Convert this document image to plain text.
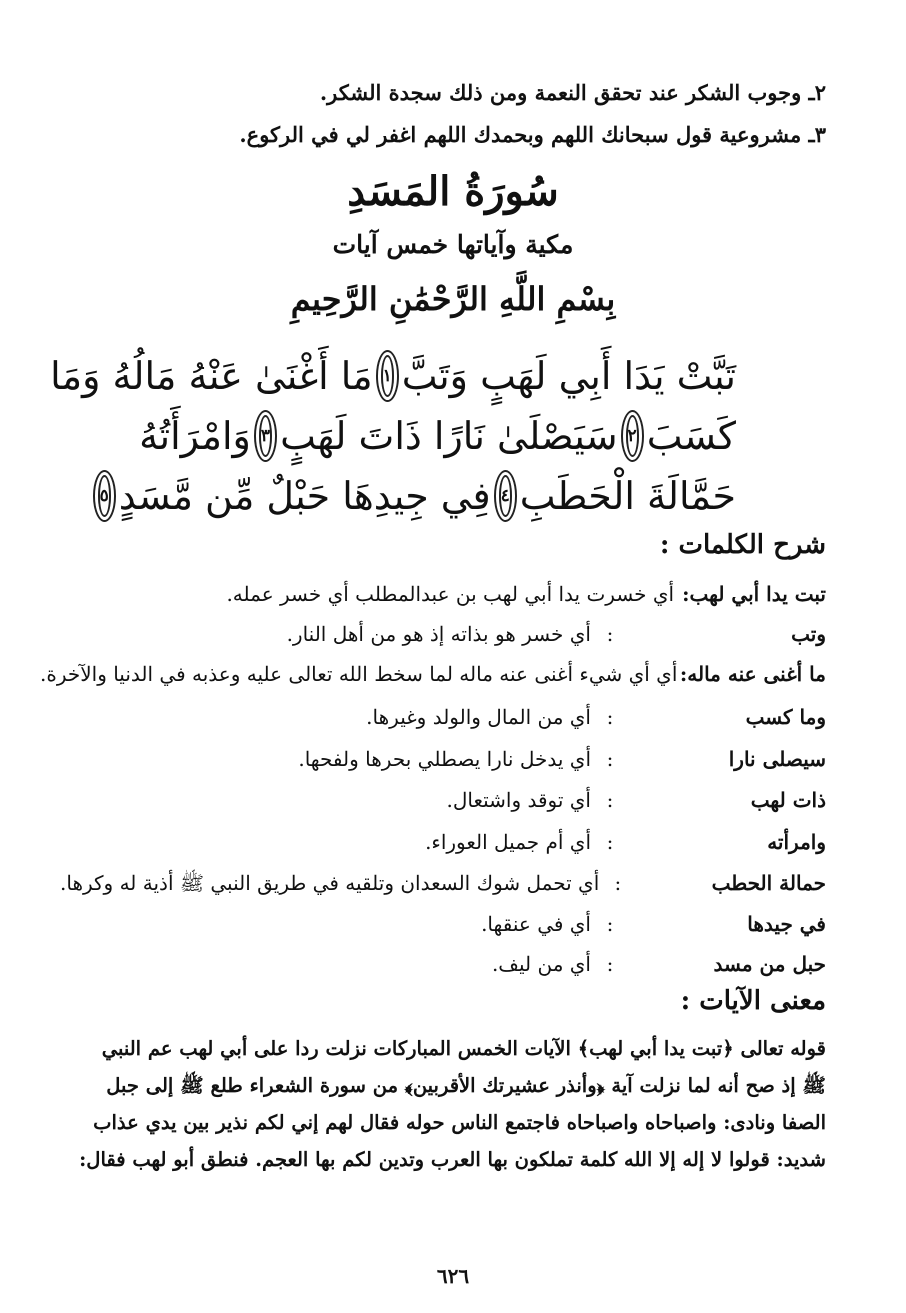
٢ـ وجوب الشكر عند تحقق النعمة ومن ذلك سجدة الشكر.
٣ـ مشروعية قول سبحانك اللهم وبحمدك اللهم اغفر لي في الركوع.
سُورَةُ المَسَدِ
مكية وآياتها خمس آيات
بِسْمِ اللَّهِ الرَّحْمَٰنِ الرَّحِيمِ
تَبَّتْ يَدَا أَبِي لَهَبٍ وَتَبَّ
١
مَا أَغْنَىٰ عَنْهُ مَالُهُ وَمَا
كَسَبَ
٢
سَيَصْلَىٰ نَارًا ذَاتَ لَهَبٍ
٣
وَامْرَأَتُهُ
حَمَّالَةَ الْحَطَبِ
٤
فِي جِيدِهَا حَبْلٌ مِّن مَّسَدٍ
٥
شرح الكلمات :
تبت يدا أبي لهب:
أي خسرت يدا أبي لهب بن عبدالمطلب أي خسر عمله.
وتب
:
أي خسر هو بذاته إذ هو من أهل النار.
ما أغنى عنه ماله:
أي أي شيء أغنى عنه ماله لما سخط الله تعالى عليه وعذبه في الدنيا والآخرة.
وما كسب
:
أي من المال والولد وغيرها.
سيصلى نارا
:
أي يدخل نارا يصطلي بحرها ولفحها.
ذات لهب
:
أي توقد واشتعال.
وامرأته
:
أي أم جميل العوراء.
حمالة الحطب
:
أي تحمل شوك السعدان وتلقيه في طريق النبي ﷺ أذية له وكرها.
في جيدها
:
أي في عنقها.
حبل من مسد
:
أي من ليف.
معنى الآيات :
قوله تعالى ﴿تبت يدا أبي لهب﴾ الآيات الخمس المباركات نزلت ردا على أبي لهب عم النبي
ﷺ إذ صح أنه لما نزلت آية ﴿وأنذر عشيرتك الأقربين﴾ من سورة الشعراء طلع ﷺ إلى جبل
الصفا ونادى: واصباحاه واصباحاه فاجتمع الناس حوله فقال لهم إني لكم نذير بين يدي عذاب
شديد: قولوا لا إله إلا الله كلمة تملكون بها العرب وتدين لكم بها العجم. فنطق أبو لهب فقال:
٦٢٦
